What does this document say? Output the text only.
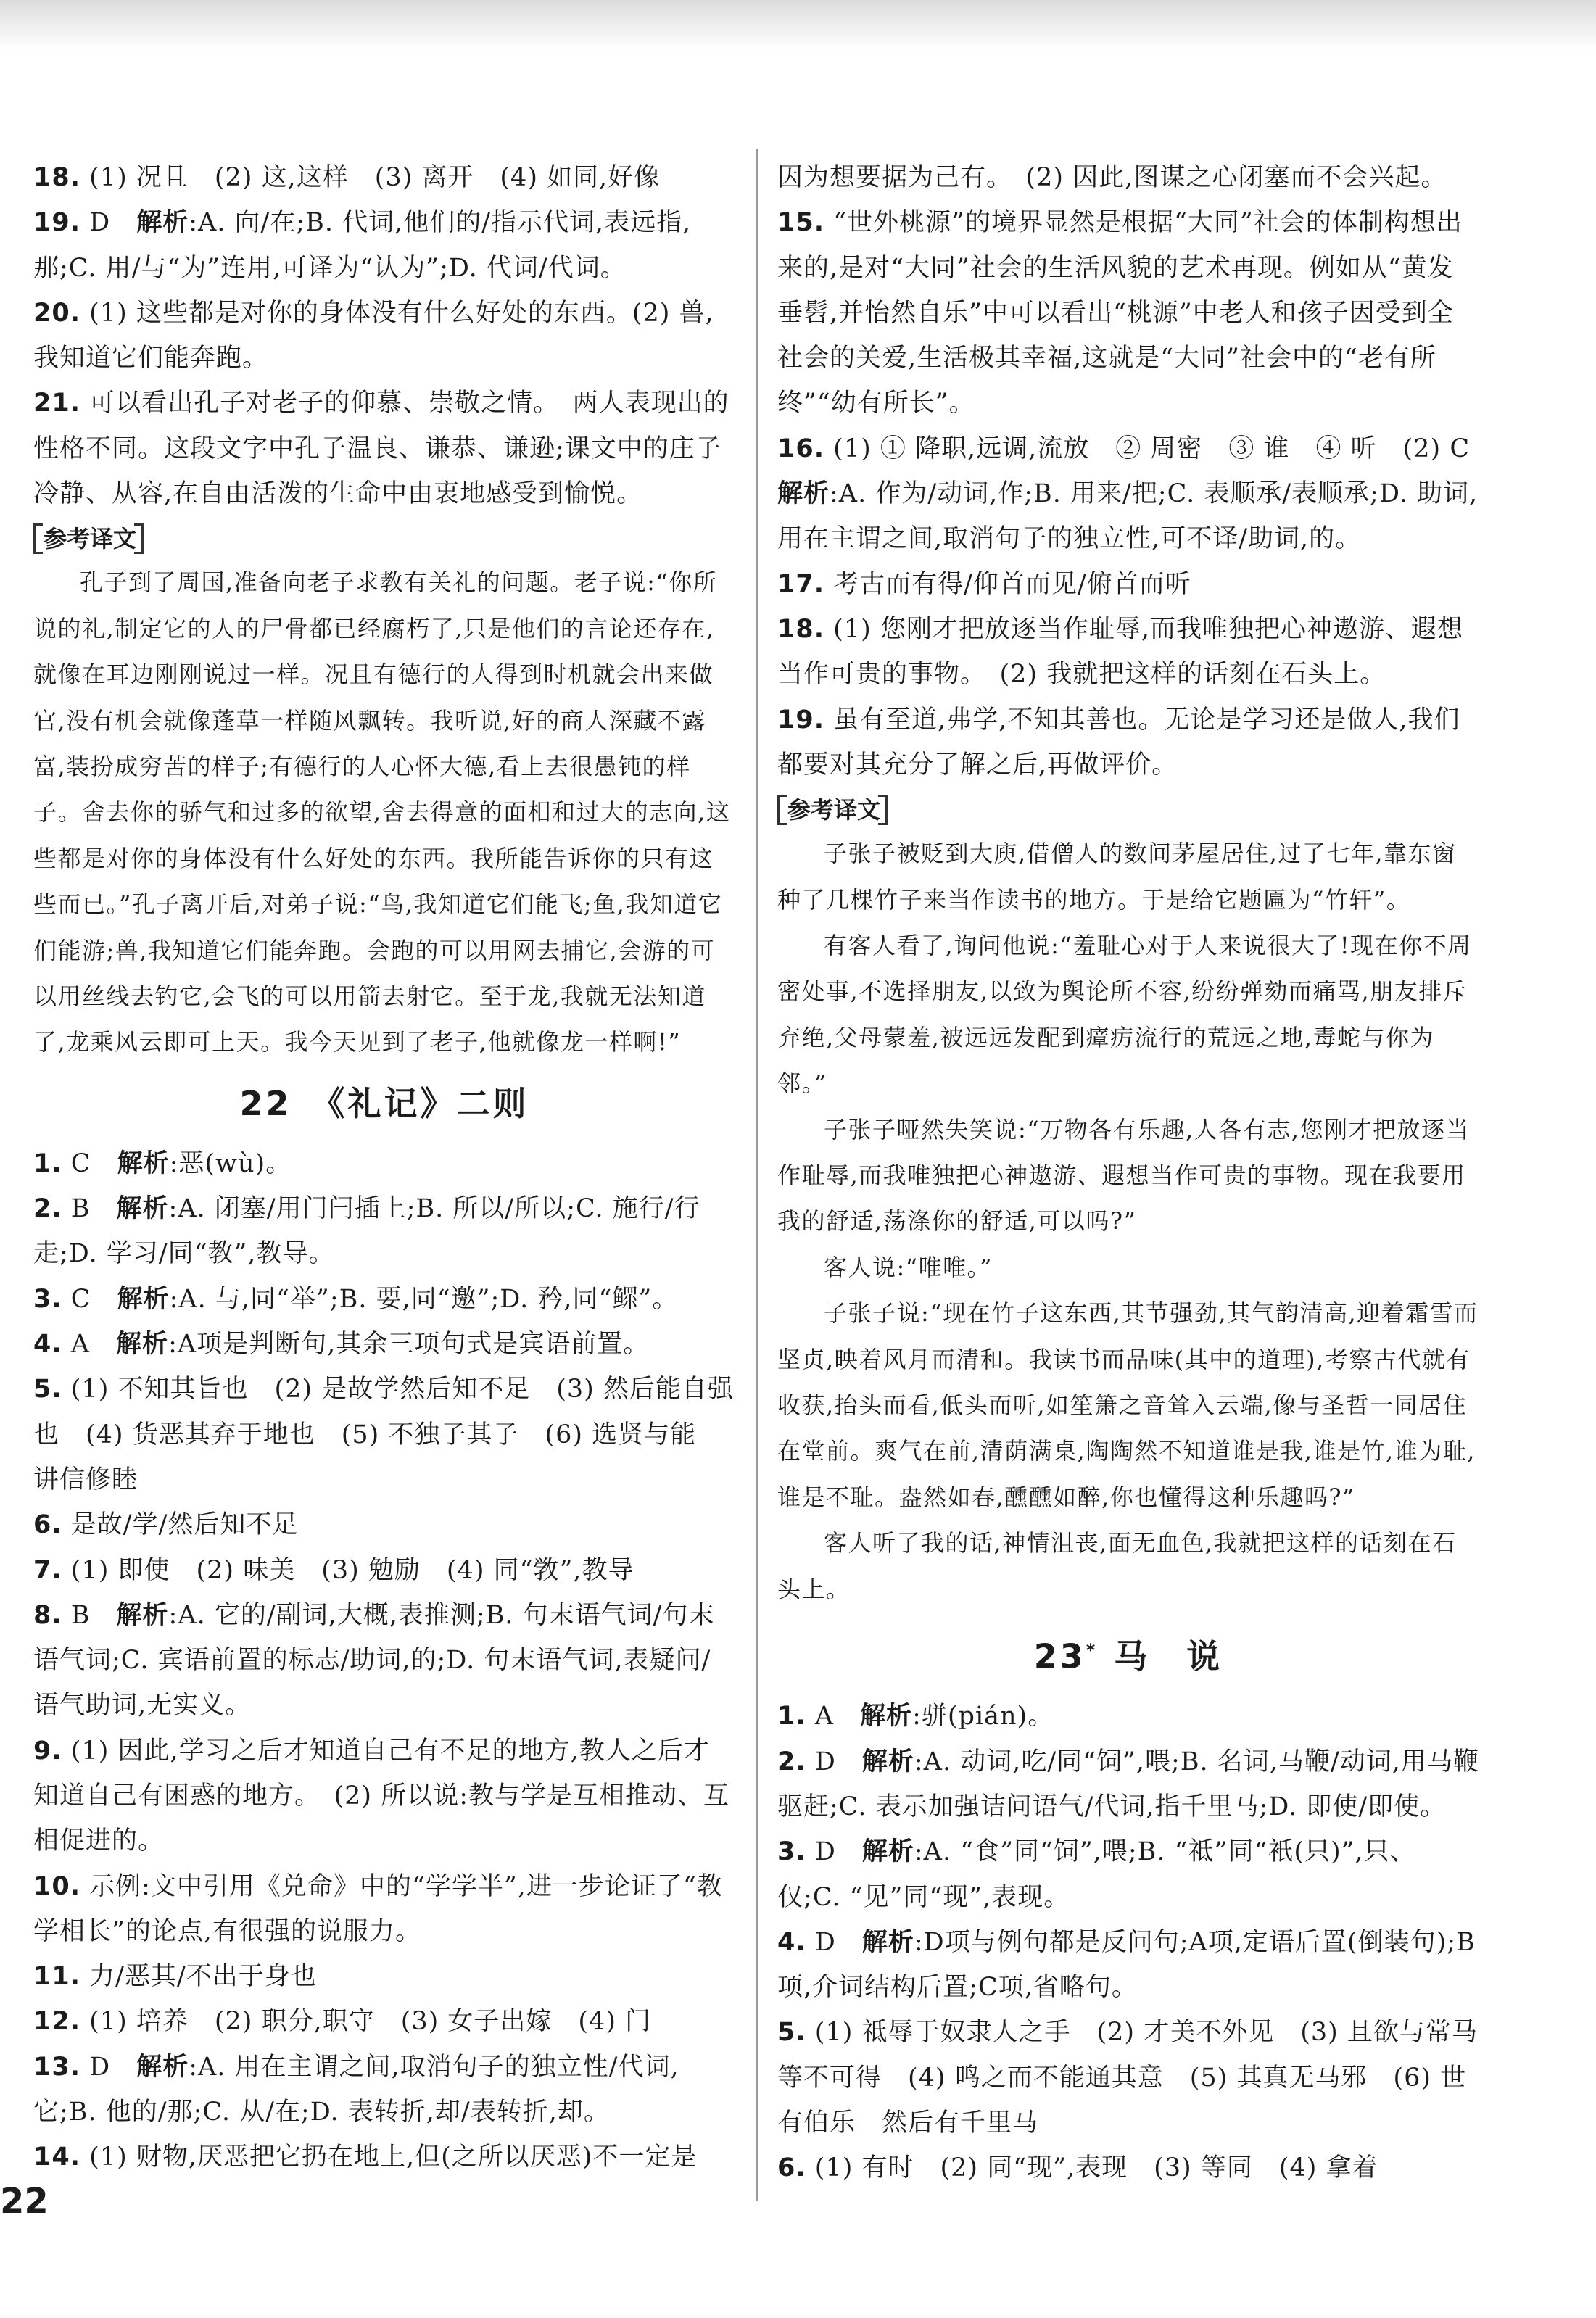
18. (1) 况且　(2) 这,这样　(3) 离开　(4) 如同,好像

19. D　解析:A. 向/在;B. 代词,他们的/指示代词,表远指,那;C. 用/与“为”连用,可译为“认为”;D. 代词/代词。

20. (1) 这些都是对你的身体没有什么好处的东西。(2) 兽,我知道它们能奔跑。

21. 可以看出孔子对老子的仰慕、崇敬之情。　两人表现出的性格不同。这段文字中孔子温良、谦恭、谦逊;课文中的庄子冷静、从容,在自由活泼的生命中由衷地感受到愉悦。

参考译文

孔子到了周国,准备向老子求教有关礼的问题。老子说:“你所说的礼,制定它的人的尸骨都已经腐朽了,只是他们的言论还存在,就像在耳边刚刚说过一样。况且有德行的人得到时机就会出来做官,没有机会就像蓬草一样随风飘转。我听说,好的商人深藏不露富,装扮成穷苦的样子;有德行的人心怀大德,看上去很愚钝的样子。舍去你的骄气和过多的欲望,舍去得意的面相和过大的志向,这些都是对你的身体没有什么好处的东西。我所能告诉你的只有这些而已。”孔子离开后,对弟子说:“鸟,我知道它们能飞;鱼,我知道它们能游;兽,我知道它们能奔跑。会跑的可以用网去捕它,会游的可以用丝线去钓它,会飞的可以用箭去射它。至于龙,我就无法知道了,龙乘风云即可上天。我今天见到了老子,他就像龙一样啊!”

22　 《礼记》二则

1. C　解析:恶(wù)。

2. B　解析:A. 闭塞/用门闩插上;B. 所以/所以;C. 施行/行走;D. 学习/同“教”,教导。

3. C　解析:A. 与,同“举”;B. 要,同“邀”;D. 矜,同“鳏”。

4. A　解析:A项是判断句,其余三项句式是宾语前置。

5. (1) 不知其旨也　(2) 是故学然后知不足　(3) 然后能自强也　(4) 货恶其弃于地也　(5) 不独子其子　(6) 选贤与能　讲信修睦

6. 是故/学/然后知不足

7. (1) 即使　(2) 味美　(3) 勉励　(4) 同“敩”,教导

8. B　解析:A. 它的/副词,大概,表推测;B. 句末语气词/句末语气词;C. 宾语前置的标志/助词,的;D. 句末语气词,表疑问/语气助词,无实义。

9. (1) 因此,学习之后才知道自己有不足的地方,教人之后才知道自己有困惑的地方。　(2) 所以说:教与学是互相推动、互相促进的。

10. 示例:文中引用《兑命》中的“学学半”,进一步论证了“教学相长”的论点,有很强的说服力。

11. 力/恶其/不出于身也

12. (1) 培养　(2) 职分,职守　(3) 女子出嫁　(4) 门

13. D　解析:A. 用在主谓之间,取消句子的独立性/代词,它;B. 他的/那;C. 从/在;D. 表转折,却/表转折,却。

14. (1) 财物,厌恶把它扔在地上,但(之所以厌恶)不一定是

因为想要据为己有。　(2) 因此,图谋之心闭塞而不会兴起。

15. “世外桃源”的境界显然是根据“大同”社会的体制构想出来的,是对“大同”社会的生活风貌的艺术再现。例如从“黄发垂髫,并怡然自乐”中可以看出“桃源”中老人和孩子因受到全社会的关爱,生活极其幸福,这就是“大同”社会中的“老有所终”“幼有所长”。

16. (1) ① 降职,远调,流放　② 周密　③ 谁　④ 听　(2) C

解析:A. 作为/动词,作;B. 用来/把;C. 表顺承/表顺承;D. 助词,用在主谓之间,取消句子的独立性,可不译/助词,的。

17. 考古而有得/仰首而见/俯首而听

18. (1) 您刚才把放逐当作耻辱,而我唯独把心神遨游、遐想当作可贵的事物。　(2) 我就把这样的话刻在石头上。

19. 虽有至道,弗学,不知其善也。无论是学习还是做人,我们都要对其充分了解之后,再做评价。

参考译文

子张子被贬到大庾,借僧人的数间茅屋居住,过了七年,靠东窗种了几棵竹子来当作读书的地方。于是给它题匾为“竹轩”。

有客人看了,询问他说:“羞耻心对于人来说很大了!现在你不周密处事,不选择朋友,以致为舆论所不容,纷纷弹劾而痛骂,朋友排斥弃绝,父母蒙羞,被远远发配到瘴疠流行的荒远之地,毒蛇与你为邻。”

子张子哑然失笑说:“万物各有乐趣,人各有志,您刚才把放逐当作耻辱,而我唯独把心神遨游、遐想当作可贵的事物。现在我要用我的舒适,荡涤你的舒适,可以吗?”

客人说:“唯唯。”

子张子说:“现在竹子这东西,其节强劲,其气韵清高,迎着霜雪而坚贞,映着风月而清和。我读书而品味(其中的道理),考察古代就有收获,抬头而看,低头而听,如笙箫之音耸入云端,像与圣哲一同居住在堂前。爽气在前,清荫满桌,陶陶然不知道谁是我,谁是竹,谁为耻,谁是不耻。盎然如春,醺醺如醉,你也懂得这种乐趣吗?”

客人听了我的话,神情沮丧,面无血色,我就把这样的话刻在石头上。

23* 马　说

1. A　解析:骈(pián)。

2. D　解析:A. 动词,吃/同“饲”,喂;B. 名词,马鞭/动词,用马鞭驱赶;C. 表示加强诘问语气/代词,指千里马;D. 即使/即使。

3. D　解析:A. “食”同“饲”,喂;B. “祗”同“衹(只)”,只、仅;C. “见”同“现”,表现。

4. D　解析:D项与例句都是反问句;A项,定语后置(倒装句);B项,介词结构后置;C项,省略句。

5. (1) 祗辱于奴隶人之手　(2) 才美不外见　(3) 且欲与常马等不可得　(4) 鸣之而不能通其意　(5) 其真无马邪　(6) 世有伯乐　然后有千里马

6. (1) 有时　(2) 同“现”,表现　(3) 等同　(4) 拿着

22
